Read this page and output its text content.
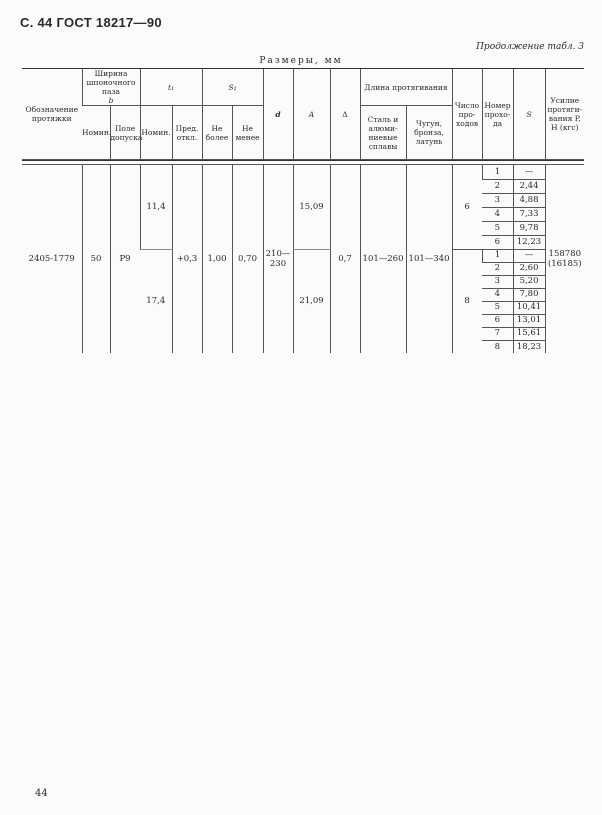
С. 44 ГОСТ 18217—90
Продолжение табл. 3
Размеры, мм
Обозначение протяжки	Ширина шпоночного паза
b		t₁		S₁		d	A	Δ	Длина протягивания		Число про-ходов	Номер прохо-да	S	Усилие протяги-вания P, Н (кгс)
	Номин.	Поле допуска	Номин.	Пред. откл.	Не более	Не менее				Сталь и алюми-ниевые сплавы	Чугун, бронза, латунь				

2405-1779	50	P9	11,4	+0,3	1,00	0,70	210—230	15,09	0,7	101—260	101—340	6	1	—	158780
(16185)
													2	2,44	
													3	4,88	
													4	7,33	
													5	9,78	
													6	12,23	
			17,4					21,09				8	1	—	
													2	2,60	
													3	5,20	
													4	7,80	
													5	10,41	
													6	13,01	
													7	15,61	
													8	18,23	
44
